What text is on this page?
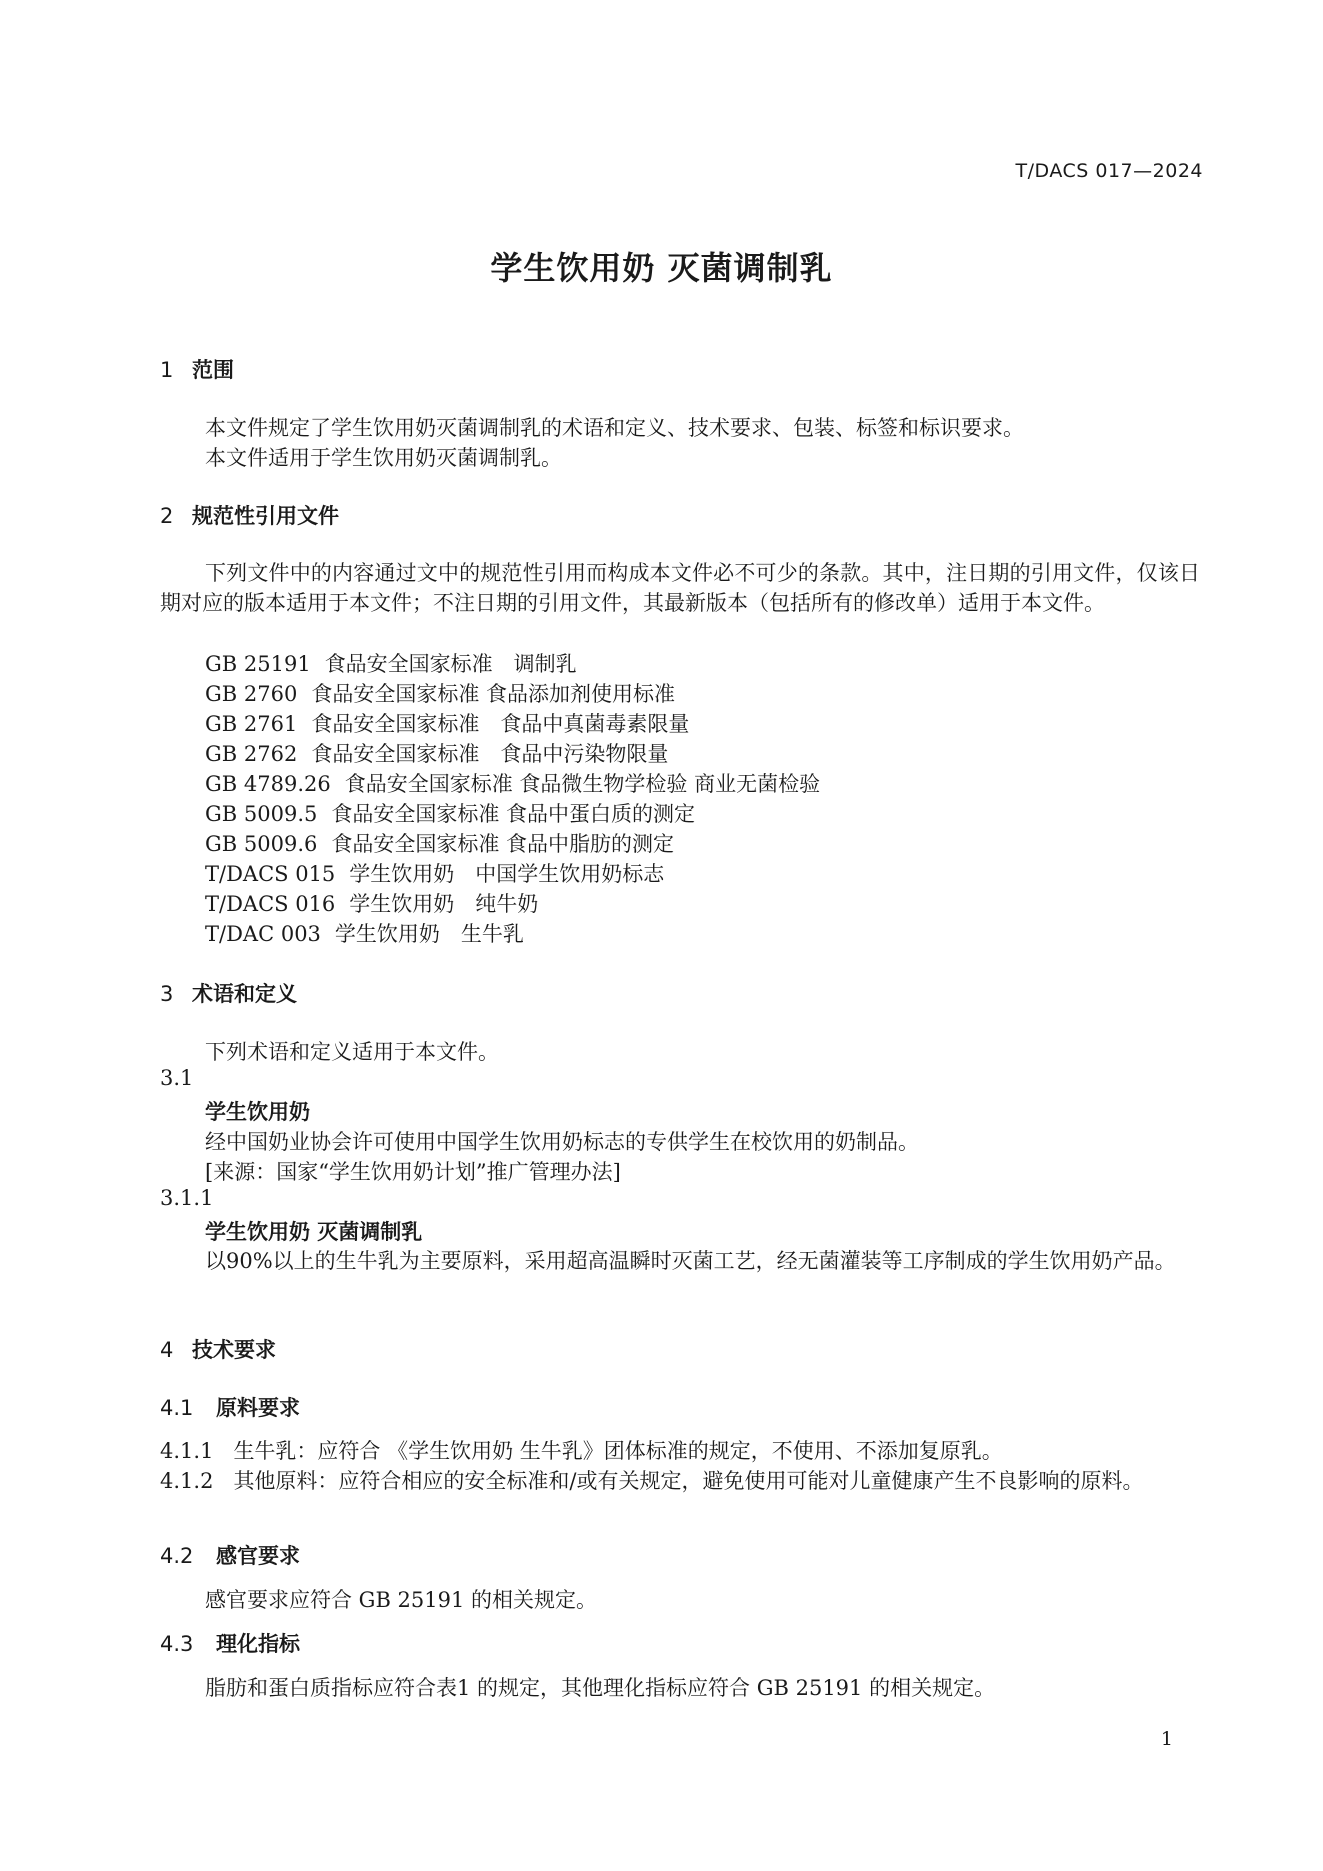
T/DACS 017—2024
学生饮用奶 灭菌调制乳
1 范围
本文件规定了学生饮用奶灭菌调制乳的术语和定义、技术要求、包装、标签和标识要求。
本文件适用于学生饮用奶灭菌调制乳。
2 规范性引用文件
下列文件中的内容通过文中的规范性引用而构成本文件必不可少的条款。其中，注日期的引用文件，仅该日期对应的版本适用于本文件；不注日期的引用文件，其最新版本（包括所有的修改单）适用于本文件。
GB 25191 食品安全国家标准　调制乳
GB 2760 食品安全国家标准 食品添加剂使用标准
GB 2761 食品安全国家标准　食品中真菌毒素限量
GB 2762 食品安全国家标准　食品中污染物限量
GB 4789.26 食品安全国家标准 食品微生物学检验 商业无菌检验
GB 5009.5 食品安全国家标准 食品中蛋白质的测定
GB 5009.6 食品安全国家标准 食品中脂肪的测定
T/DACS 015 学生饮用奶　中国学生饮用奶标志
T/DACS 016 学生饮用奶　纯牛奶
T/DAC 003 学生饮用奶　生牛乳
3 术语和定义
下列术语和定义适用于本文件。
3.1
学生饮用奶
经中国奶业协会许可使用中国学生饮用奶标志的专供学生在校饮用的奶制品。
[来源：国家“学生饮用奶计划”推广管理办法]
3.1.1
学生饮用奶 灭菌调制乳
以90%以上的生牛乳为主要原料，采用超高温瞬时灭菌工艺，经无菌灌装等工序制成的学生饮用奶产品。
4 技术要求
4.1 原料要求
4.1.1 生牛乳：应符合 《学生饮用奶 生牛乳》团体标准的规定，不使用、不添加复原乳。
4.1.2 其他原料：应符合相应的安全标准和/或有关规定，避免使用可能对儿童健康产生不良影响的原料。
4.2 感官要求
感官要求应符合 GB 25191 的相关规定。
4.3 理化指标
脂肪和蛋白质指标应符合表1 的规定，其他理化指标应符合 GB 25191 的相关规定。
1
